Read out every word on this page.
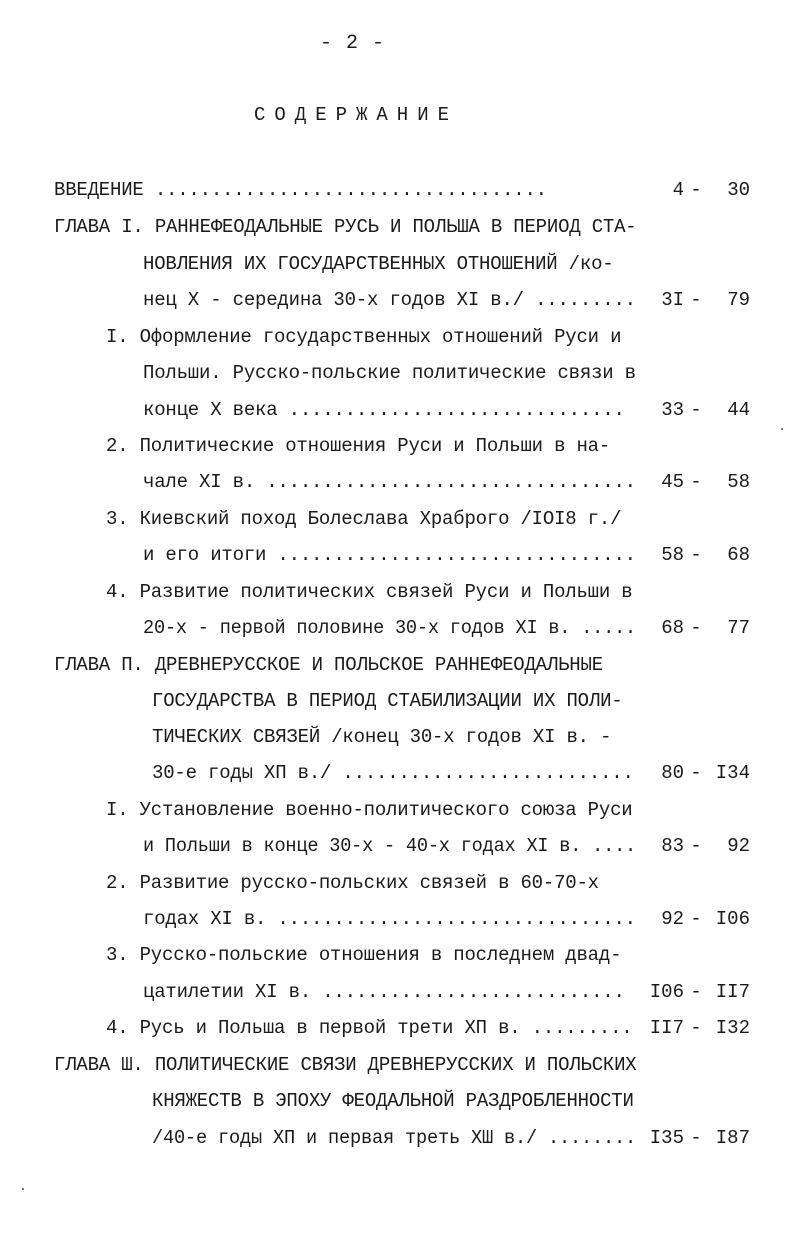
- 2 -
СОДЕРЖАНИЕ
ВВЕДЕНИЕ ...................................	4 - 30
ГЛАВА I. РАННЕФЕОДАЛЬНЫЕ РУСЬ И ПОЛЬША В ПЕРИОД СТА-
НОВЛЕНИЯ ИХ ГОСУДАРСТВЕННЫХ ОТНОШЕНИЙ /ко-
нец X - середина 30-х годов XI в./ .........	3I - 79
I. Оформление государственных отношений Руси и
Польши. Русско-польские политические связи в
конце X века ..............................	33 - 44
2. Политические отношения Руси и Польши в на-
чале XI в. .................................	45 - 58
3. Киевский поход Болеслава Храброго /IOI8 г./
и его итоги ................................	58 - 68
4. Развитие политических связей Руси и Польши в
20-х - первой половине 30-х годов XI в. .....	68 - 77
ГЛАВА П. ДРЕВНЕРУССКОЕ И ПОЛЬСКОЕ РАННЕФЕОДАЛЬНЫЕ
ГОСУДАРСТВА В ПЕРИОД СТАБИЛИЗАЦИИ ИХ ПОЛИ-
ТИЧЕСКИХ СВЯЗЕЙ /конец 30-х годов XI в. -
30-е годы ХП в./ ..........................	80 - I34
I. Установление военно-политического союза Руси
и Польши в конце 30-х - 40-х годах XI в. ....	83 - 92
2. Развитие русско-польских связей в 60-70-х
годах XI в. ................................	92 - I06
3. Русско-польские отношения в последнем двад-
цатилетии XI в. ...........................	I06 - II7
4. Русь и Польша в первой трети ХП в. ......... II7 - I32
ГЛАВА Ш. ПОЛИТИЧЕСКИЕ СВЯЗИ ДРЕВНЕРУССКИХ И ПОЛЬСКИХ
КНЯЖЕСТВ В ЭПОХУ ФЕОДАЛЬНОЙ РАЗДРОБЛЕННОСТИ
/40-е годы ХП и первая треть ХШ в./ ........ I35 - I87
